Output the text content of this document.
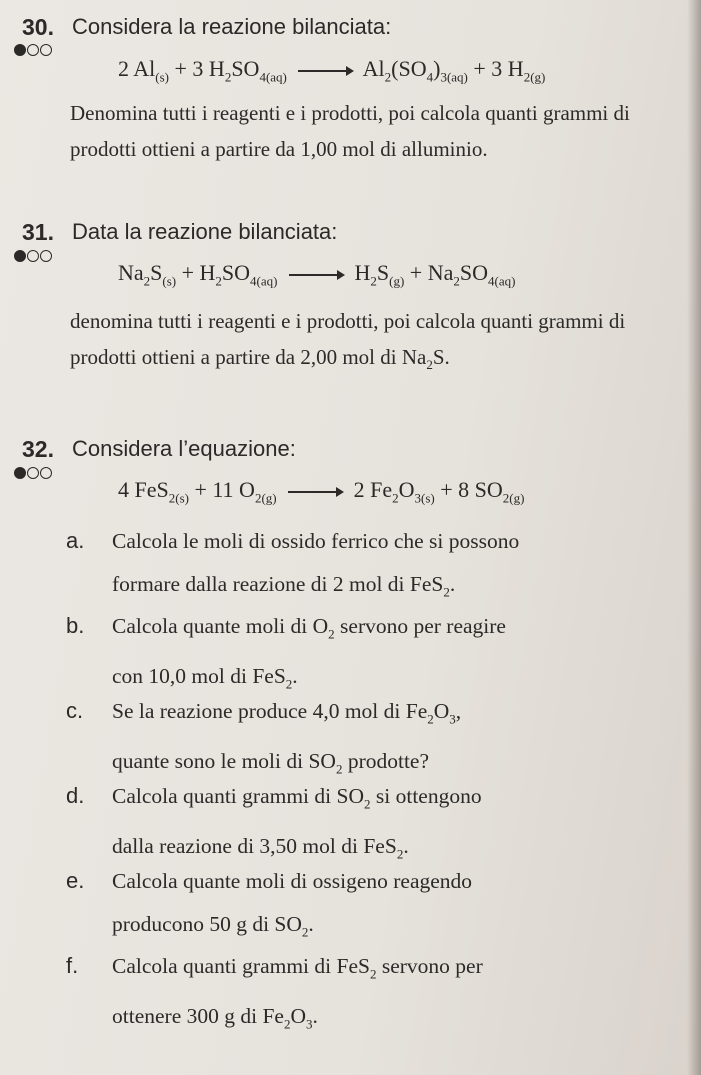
30. Considera la reazione bilanciata:
2 $Al_{(s)} + 3$ $H_2SO_{4(aq)} \to Al_2(SO_4)_{3(aq)} + 3$ $H_{2(g)}$
Denomina tutti i reagenti e i prodotti, poi calcola quanti grammi di prodotti ottieni a partire da 1,00 mol di alluminio.
31. Data la reazione bilanciata:
$Na_2S_{(s)} + H_2SO_{4(aq)} \to H_2S_{(g)} + Na_2SO_{4(aq)}$
denomina tutti i reagenti e i prodotti, poi calcola quanti grammi di prodotti ottieni a partire da 2,00 mol di $Na_2S$.
32. Considera l’equazione:
4 FeS$_{2(s)}$ + 11 $O_{2(g)} \to 2$ $Fe_2O_{3(s)} + 8$ $SO_{2(g)}$
a. Calcola le moli di ossido ferrico che si possono
formare dalla reazione di 2 mol di FeS$_2$.
b. Calcola quante moli di $O_2$ servono per reagire
con 10,0 mol di FeS$_2$.
c. Se la reazione produce 4,0 mol di $Fe_2O_3$,
quante sono le moli di $SO_2$ prodotte?
d. Calcola quanti grammi di $SO_2$ si ottengono
dalla reazione di 3,50 mol di FeS$_2$.
e. Calcola quante moli di ossigeno reagendo
producono 50 g di $SO_2$.
f. Calcola quanti grammi di FeS$_2$ servono per
ottenere 300 g di $Fe_2O_3$.
